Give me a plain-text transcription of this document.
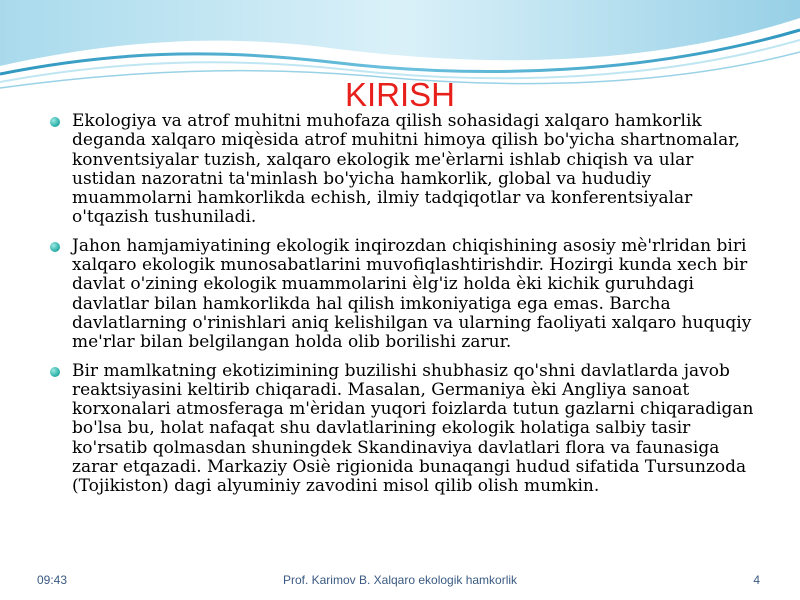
KIRISH
Ekologiya va atrof muhitni muhofaza qilish sohasidagi xalqaro hamkorlik deganda xalqaro miqèsida atrof muhitni himoya qilish bo'yicha shartnomalar, konventsiyalar tuzish, xalqaro ekologik me'èrlarni ishlab chiqish va ular ustidan nazoratni ta'minlash bo'yicha hamkorlik, global va hududiy muammolarni hamkorlikda echish, ilmiy tadqiqotlar va konferentsiyalar o'tqazish tushuniladi.
Jahon hamjamiyatining ekologik inqirozdan chiqishining asosiy mè'rlridan biri xalqaro ekologik munosabatlarini muvofiqlashtirishdir. Hozirgi kunda xech bir davlat o'zining ekologik muammolarini èlg'iz holda èki kichik guruhdagi davlatlar bilan hamkorlikda hal qilish imkoniyatiga ega emas. Barcha davlatlarning o'rinishlari aniq kelishilgan va ularning faoliyati xalqaro huquqiy me'rlar bilan belgilangan holda olib borilishi zarur.
Bir mamlkatning ekotizimining buzilishi shubhasiz qo'shni davlatlarda javob reaktsiyasini keltirib chiqaradi. Masalan, Germaniya èki Angliya sanoat korxonalari atmosferaga m'èridan yuqori foizlarda tutun gazlarni chiqaradigan bo'lsa bu, holat nafaqat shu davlatlarining ekologik holatiga salbiy tasir ko'rsatib qolmasdan shuningdek Skandinaviya davlatlari flora va faunasiga zarar etqazadi. Markaziy Osiè rigionida bunaqangi hudud sifatida Tursunzoda (Tojikiston) dagi alyuminiy zavodini misol qilib olish mumkin.
09:43	Prof. Karimov B. Xalqaro ekologik hamkorlik	4
